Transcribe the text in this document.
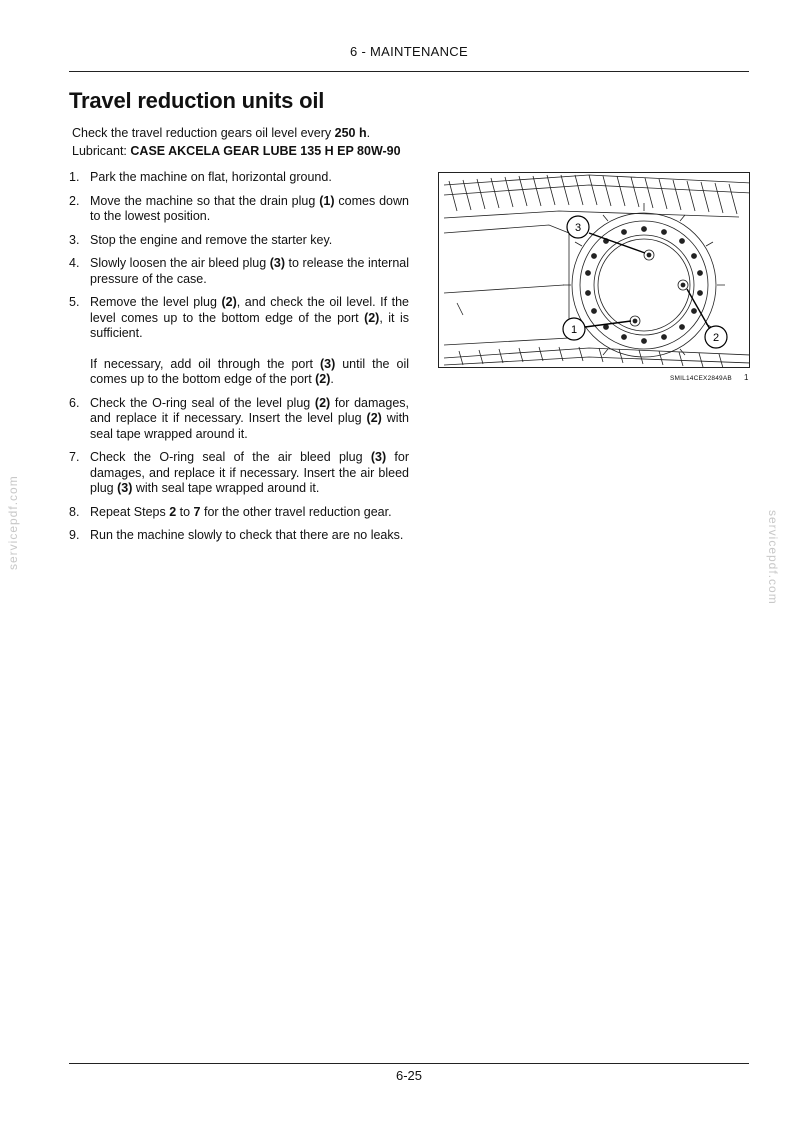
6 - MAINTENANCE
Travel reduction units oil
Check the travel reduction gears oil level every 250 h.
Lubricant: CASE AKCELA GEAR LUBE 135 H EP 80W-90
1. Park the machine on flat, horizontal ground.
2. Move the machine so that the drain plug (1) comes down to the lowest position.
3. Stop the engine and remove the starter key.
4. Slowly loosen the air bleed plug (3) to release the internal pressure of the case.
5. Remove the level plug (2), and check the oil level. If the level comes up to the bottom edge of the port (2), it is sufficient.
If necessary, add oil through the port (3) until the oil comes up to the bottom edge of the port (2).
6. Check the O-ring seal of the level plug (2) for damages, and replace it if necessary. Insert the level plug (2) with seal tape wrapped around it.
7. Check the O-ring seal of the air bleed plug (3) for damages, and replace it if necessary. Insert the air bleed plug (3) with seal tape wrapped around it.
8. Repeat Steps 2 to 7 for the other travel reduction gear.
9. Run the machine slowly to check that there are no leaks.
3
1
2
SMIL14CEX2849AB 1
servicepdf.com	servicepdf.com
6-25
